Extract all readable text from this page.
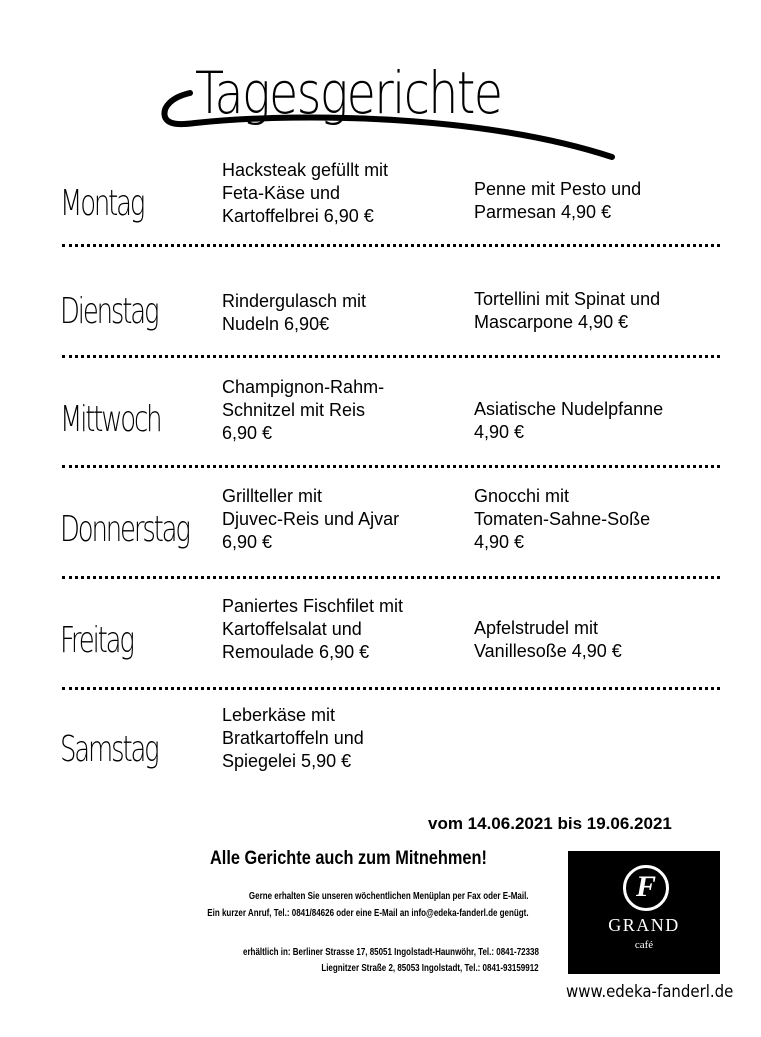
Tagesgerichte
Montag
Hacksteak gefüllt mit
Feta-Käse und
Kartoffelbrei 6,90 €
Penne mit Pesto und
Parmesan 4,90 €
Dienstag	Rindergulasch mit
Nudeln 6,90€
Tortellini mit Spinat und
Mascarpone 4,90 €
Mittwoch
Champignon-Rahm-
Schnitzel mit Reis
6,90 €
Asiatische Nudelpfanne
4,90 €
Donnerstag
Grillteller mit
Djuvec-Reis und Ajvar
6,90 €
Gnocchi mit
Tomaten-Sahne-Soße
4,90 €
Freitag
Paniertes Fischfilet mit
Kartoffelsalat und
Remoulade 6,90 €
Apfelstrudel mit
Vanillesoße 4,90 €
Samstag
Leberkäse mit
Bratkartoffeln und
Spiegelei 5,90 €
vom 14.06.2021 bis 19.06.2021
Alle Gerichte auch zum Mitnehmen!
Gerne erhalten Sie unseren wöchentlichen Menüplan per Fax oder E-Mail.
Ein kurzer Anruf, Tel.: 0841/84626 oder eine E-Mail an info@edeka-fanderl.de genügt.
erhältlich in: Berliner Strasse 17, 85051 Ingolstadt-Haunwöhr, Tel.: 0841-72338
Liegnitzer Straße 2, 85053 Ingolstadt, Tel.: 0841-93159912
F
GRAND
café
www.edeka-fanderl.de
